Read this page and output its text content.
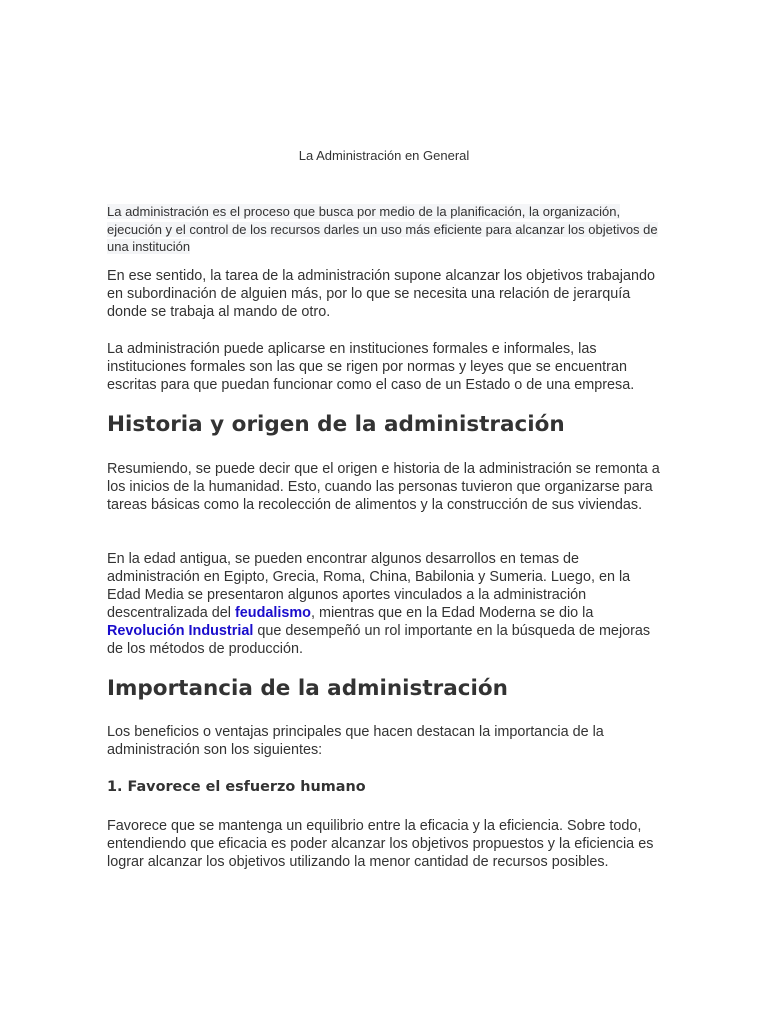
La Administración en General

La administración es el proceso que busca por medio de la planificación, la organización, ejecución y el control de los recursos darles un uso más eficiente para alcanzar los objetivos de una institución

En ese sentido, la tarea de la administración supone alcanzar los objetivos trabajando en subordinación de alguien más, por lo que se necesita una relación de jerarquía donde se trabaja al mando de otro.

La administración puede aplicarse en instituciones formales e informales, las instituciones formales son las que se rigen por normas y leyes que se encuentran escritas para que puedan funcionar como el caso de un Estado o de una empresa.

Historia y origen de la administración

Resumiendo, se puede decir que el origen e historia de la administración se remonta a los inicios de la humanidad. Esto, cuando las personas tuvieron que organizarse para tareas básicas como la recolección de alimentos y la construcción de sus viviendas.

En la edad antigua, se pueden encontrar algunos desarrollos en temas de administración en Egipto, Grecia, Roma, China, Babilonia y Sumeria. Luego, en la Edad Media se presentaron algunos aportes vinculados a la administración descentralizada del feudalismo, mientras que en la Edad Moderna se dio la Revolución Industrial que desempeñó un rol importante en la búsqueda de mejoras de los métodos de producción.

Importancia de la administración

Los beneficios o ventajas principales que hacen destacan la importancia de la administración son los siguientes:

1. Favorece el esfuerzo humano

Favorece que se mantenga un equilibrio entre la eficacia y la eficiencia. Sobre todo, entendiendo que eficacia es poder alcanzar los objetivos propuestos y la eficiencia es lograr alcanzar los objetivos utilizando la menor cantidad de recursos posibles.
